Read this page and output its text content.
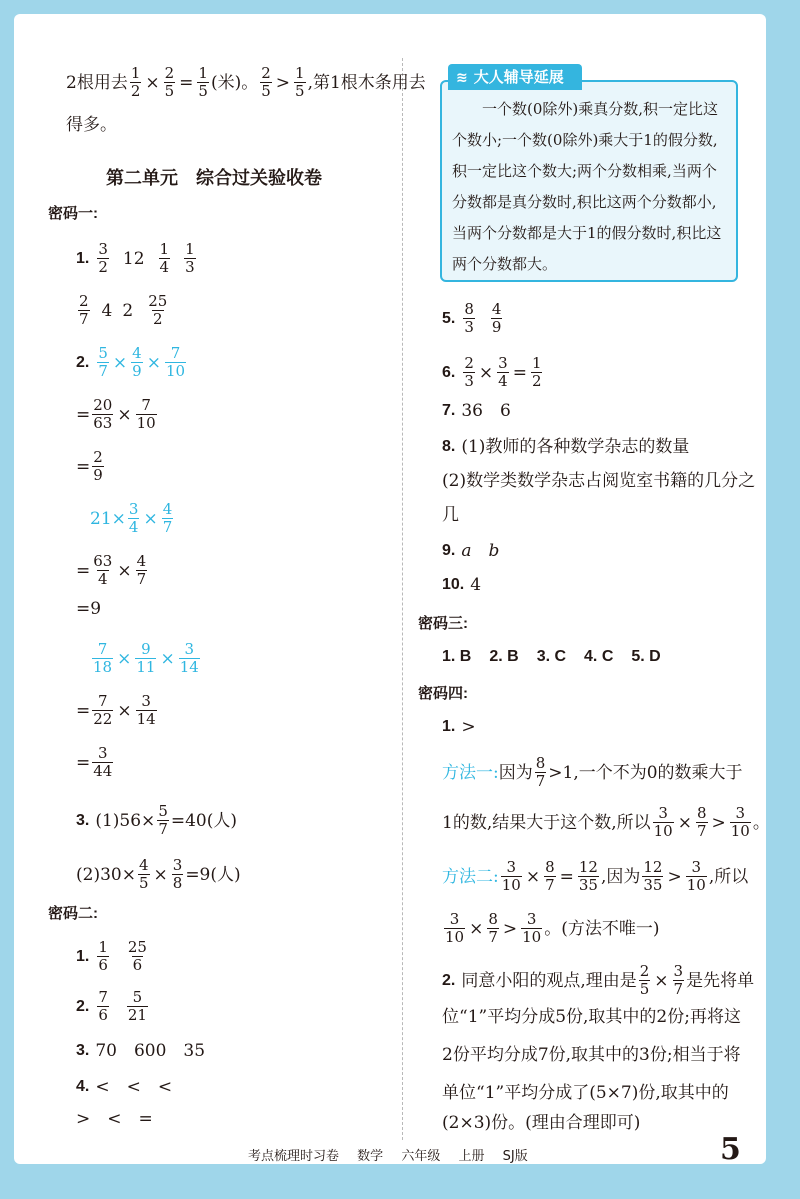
2根用去 $\frac{1}{2} \times \frac{2}{5} = \frac{1}{5}$ (米)。 $\frac{2}{5} > \frac{1}{5}$ ,第1根木条用去
得多。
第二单元　综合过关验收卷
密码一:
1. $\frac{3}{2} 12 \frac{1}{4} \frac{1}{3}$
$\frac{2}{7} 4$ $2 \frac{25}{2}$
2. $\frac{5}{7} \times \frac{4}{9} \times \frac{7}{10}$
= $\frac{20}{63} \times \frac{7}{10}$
= $\frac{2}{9}$
$21\times \frac{3}{4} \times \frac{4}{7}$
= $\frac{63}{4} \times \frac{4}{7}$
=9
$\frac{7}{18} \times \frac{9}{11} \times \frac{3}{14}$
= $\frac{7}{22} \times \frac{3}{14}$
= $\frac{3}{44}$
3. $(1)56\times \frac{5}{7} =40$(人)
$(2)30\times \frac{4}{5} \times \frac{3}{8} =9$(人)
密码二:
1. $\frac{1}{6} \frac{25}{6}$
2. $\frac{7}{6} \frac{5}{21}$
3. 70　600　35
4. <　<　<
>　<　=
≋ 大人辅导延展
一个数(0除外)乘真分数,积一定比这个数小;一个数(0除外)乘大于1的假分数,积一定比这个数大;两个分数相乘,当两个分数都是真分数时,积比这两个分数都小,当两个分数都是大于1的假分数时,积比这两个分数都大。
5. $\frac{8}{3} \frac{4}{9}$
6. $\frac{2}{3} \times \frac{3}{4} = \frac{1}{2}$
7. 36　6
8. (1)教师的各种数学杂志的数量
(2)数学类数学杂志占阅览室书籍的几分之
几
9. a　b
10. 4
密码三:
1. B 2. B 3. C 4. C 5. D
密码四:
1. >
方法一: 因为 $\frac{8}{7} >1$,一个不为0的数乘大于
1的数,结果大于这个数,所以 $\frac{3}{10} \times \frac{8}{7} > \frac{3}{10}$ 。
方法二: $\frac{3}{10} \times \frac{8}{7} = \frac{12}{35}$ ,因为 $\frac{12}{35} > \frac{3}{10}$ ,所以
$\frac{3}{10} \times \frac{8}{7} > \frac{3}{10}$ 。(方法不唯一)
2. 同意小阳的观点,理由是 $\frac{2}{5} \times \frac{3}{7}$ 是先将单
位“1”平均分成5份,取其中的2份;再将这
2份平均分成7份,取其中的3份;相当于将
单位“1”平均分成了(5×7)份,取其中的
(2×3)份。(理由合理即可)
考点梳理时习卷 数学 六年级 上册 SJ版	5
